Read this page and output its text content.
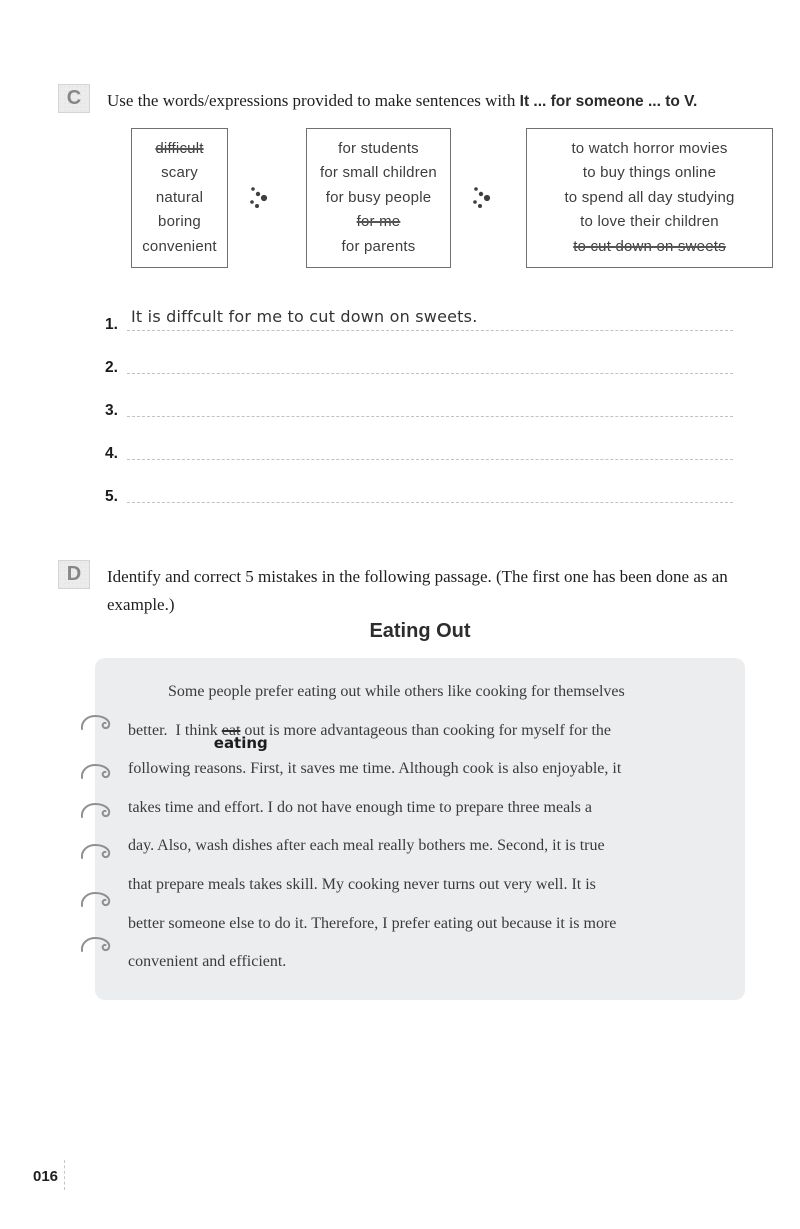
C	Use the words/expressions provided to make sentences with It ... for someone ... to V.

difficult
scary
natural
boring
convenient
for students
for small children
for busy people
for me
for parents
to watch horror movies
to buy things online
to spend all day studying
to love their children
to cut down on sweets
1. It is diffcult for me to cut down on sweets.
2.
3.
4.
5.
D	Identify and correct 5 mistakes in the following passage. (The first one has been done as an example.)

Eating Out
Some people prefer eating out while others like cooking for themselves
better.  I think eat
eating
out is more advantageous than cooking for myself for the
following reasons. First, it saves me time. Although cook is also enjoyable, it
takes time and effort. I do not have enough time to prepare three meals a
day. Also, wash dishes after each meal really bothers me. Second, it is true
that prepare meals takes skill. My cooking never turns out very well. It is
better someone else to do it. Therefore, I prefer eating out because it is more
convenient and efficient.
016
